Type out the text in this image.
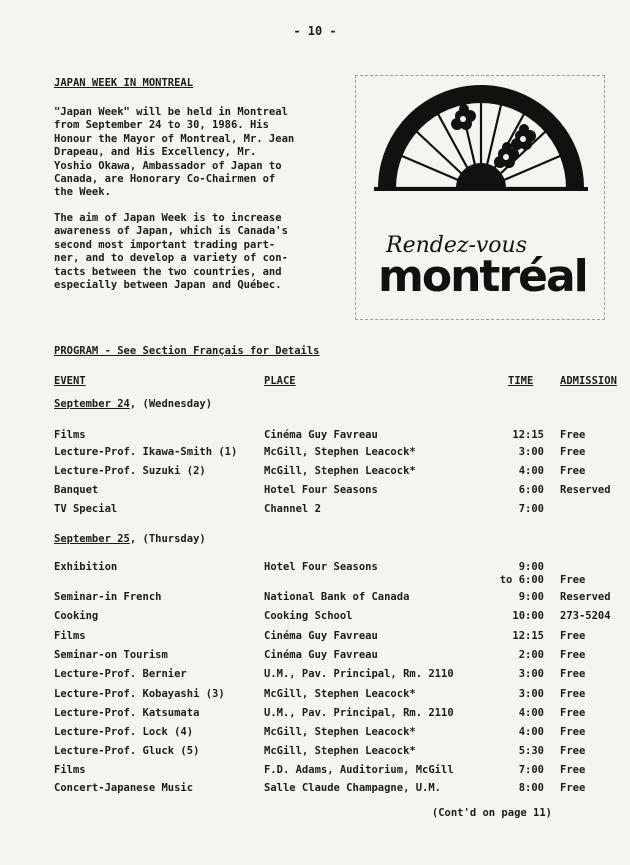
- 10 -
JAPAN WEEK IN MONTREAL
"Japan Week" will be held in Montreal
from September 24 to 30, 1986. His
Honour the Mayor of Montreal, Mr. Jean
Drapeau, and His Excellency, Mr.
Yoshio Okawa, Ambassador of Japan to
Canada, are Honorary Co-Chairmen of
the Week.
The aim of Japan Week is to increase
awareness of Japan, which is Canada's
second most important trading part-
ner, and to develop a variety of con-
tacts between the two countries, and
especially between Japan and Québec.
Rendez-vous
montréal
PROGRAM - See Section Français for Details
EVENT	PLACE	TIME	ADMISSION
September 24, (Wednesday)
Films	Cinéma Guy Favreau	12:15 Free
Lecture-Prof. Ikawa-Smith (1)	McGill, Stephen Leacock*	3:00 Free
Lecture-Prof. Suzuki (2)	McGill, Stephen Leacock*	4:00 Free
Banquet	Hotel Four Seasons	6:00 Reserved
TV Special	Channel 2	7:00
September 25, (Thursday)
Exhibition	Hotel Four Seasons	9:00
to 6:00 Free
Seminar-in French	National Bank of Canada	9:00 Reserved
Cooking	Cooking School	10:00 273-5204
Films	Cinéma Guy Favreau	12:15 Free
Seminar-on Tourism	Cinéma Guy Favreau	2:00 Free
Lecture-Prof. Bernier	U.M., Pav. Principal, Rm. 2110	3:00 Free
Lecture-Prof. Kobayashi (3)	McGill, Stephen Leacock*	3:00 Free
Lecture-Prof. Katsumata	U.M., Pav. Principal, Rm. 2110	4:00 Free
Lecture-Prof. Lock (4)	McGill, Stephen Leacock*	4:00 Free
Lecture-Prof. Gluck (5)	McGill, Stephen Leacock*	5:30 Free
Films	F.D. Adams, Auditorium, McGill	7:00 Free
Concert-Japanese Music	Salle Claude Champagne, U.M.	8:00 Free
(Cont'd on page 11)
